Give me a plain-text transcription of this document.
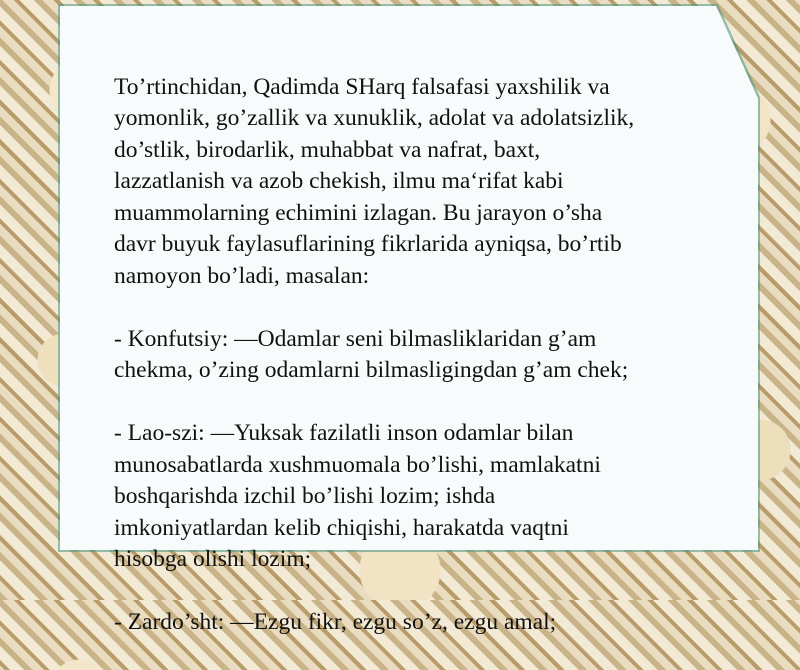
To’rtinchidan, Qadimda SHarq falsafasi yaxshilik va
yomonlik, go’zallik va xunuklik, adolat va adolatsizlik,
do’stlik, birodarlik, muhabbat va nafrat, baxt,
lazzatlanish va azob chekish, ilmu ma‘rifat kabi
muammolarning echimini izlagan. Bu jarayon o’sha
davr buyuk faylasuflarining fikrlarida ayniqsa, bo’rtib
namoyon bo’ladi, masalan:

- Konfutsiy: ―Odamlar seni bilmasliklaridan g’am
chekma, o’zing odamlarni bilmasligingdan g’am chek;

- Lao-szi: ―Yuksak fazilatli inson odamlar bilan
munosabatlarda xushmuomala bo’lishi, mamlakatni
boshqarishda izchil bo’lishi lozim; ishda
imkoniyatlardan kelib chiqishi, harakatda vaqtni
hisobga olishi lozim;

- Zardo’sht: ―Ezgu fikr, ezgu so’z, ezgu amal;
